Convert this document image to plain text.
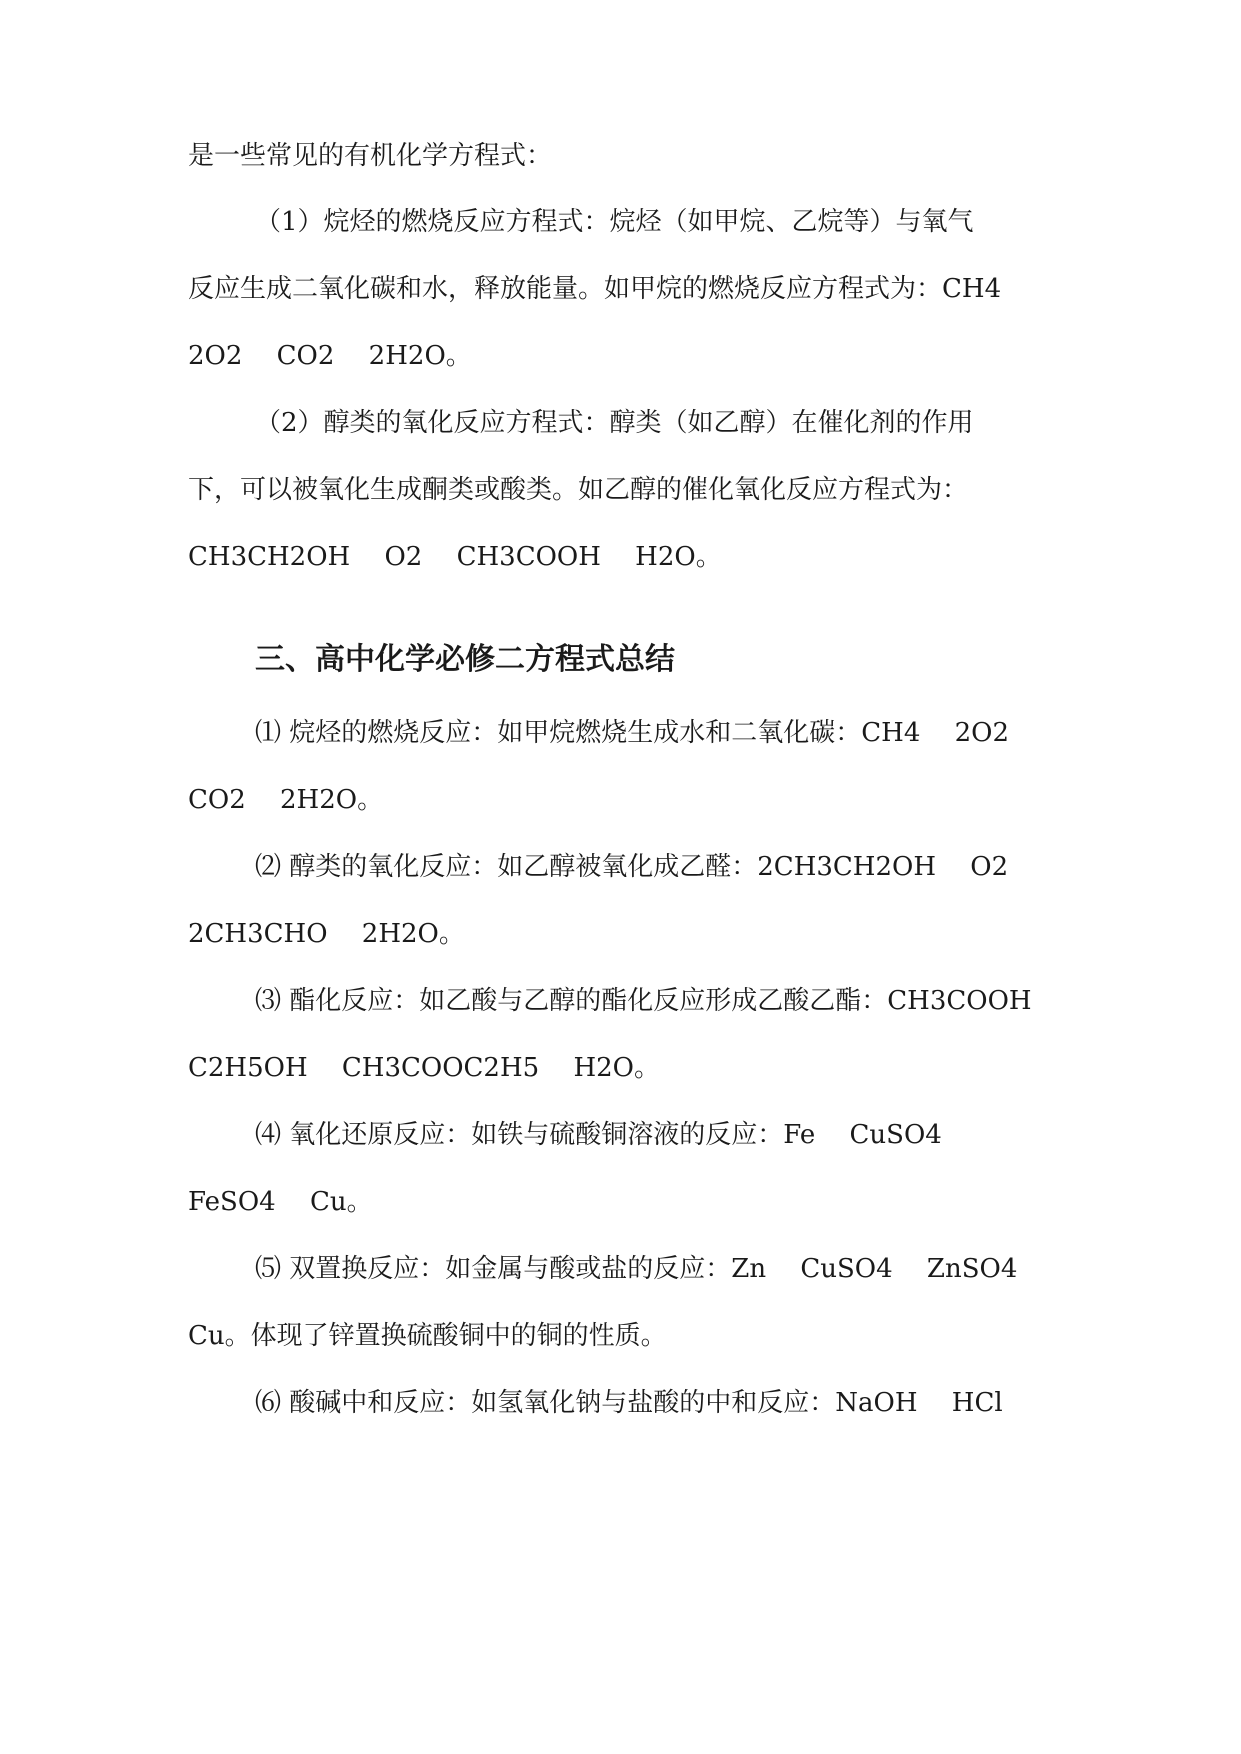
是一些常见的有机化学方程式：
（1）烷烃的燃烧反应方程式：烷烃（如甲烷、乙烷等）与氧气
反应生成二氧化碳和水，释放能量。如甲烷的燃烧反应方程式为：CH4
2O2　 CO2　 2H2O。
（2）醇类的氧化反应方程式：醇类（如乙醇）在催化剂的作用
下，可以被氧化生成酮类或酸类。如乙醇的催化氧化反应方程式为：
CH3CH2OH　 O2　 CH3COOH　 H2O。
三、高中化学必修二方程式总结
⑴ 烷烃的燃烧反应：如甲烷燃烧生成水和二氧化碳：CH4　 2O2
CO2　 2H2O。
⑵ 醇类的氧化反应：如乙醇被氧化成乙醛：2CH3CH2OH　 O2
2CH3CHO　 2H2O。
⑶ 酯化反应：如乙酸与乙醇的酯化反应形成乙酸乙酯：CH3COOH
C2H5OH　 CH3COOC2H5　 H2O。
⑷ 氧化还原反应：如铁与硫酸铜溶液的反应：Fe　 CuSO4
FeSO4　 Cu。
⑸ 双置换反应：如金属与酸或盐的反应：Zn　 CuSO4　 ZnSO4
Cu。体现了锌置换硫酸铜中的铜的性质。
⑹ 酸碱中和反应：如氢氧化钠与盐酸的中和反应：NaOH　 HCl
